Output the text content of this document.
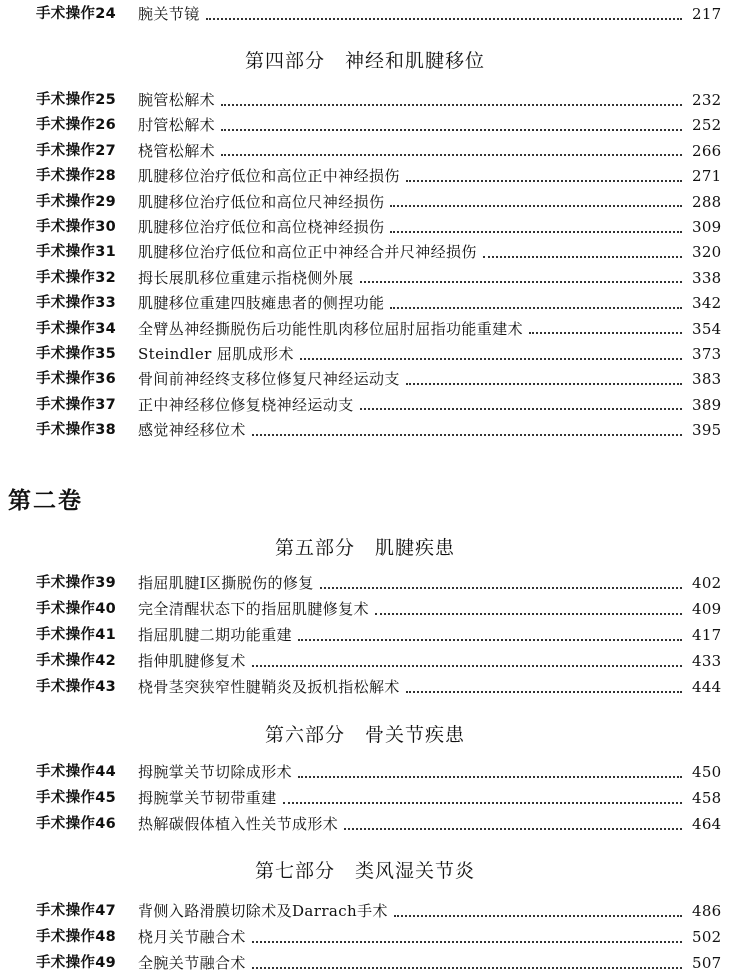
手术操作24	腕关节镜	217
第四部分　神经和肌腱移位
手术操作25	腕管松解术	232
手术操作26	肘管松解术	252
手术操作27	桡管松解术	266
手术操作28	肌腱移位治疗低位和高位正中神经损伤	271
手术操作29	肌腱移位治疗低位和高位尺神经损伤	288
手术操作30	肌腱移位治疗低位和高位桡神经损伤	309
手术操作31	肌腱移位治疗低位和高位正中神经合并尺神经损伤	320
手术操作32	拇长展肌移位重建示指桡侧外展	338
手术操作33	肌腱移位重建四肢瘫患者的侧捏功能	342
手术操作34	全臂丛神经撕脱伤后功能性肌肉移位屈肘屈指功能重建术	354
手术操作35	Steindler 屈肌成形术	373
手术操作36	骨间前神经终支移位修复尺神经运动支	383
手术操作37	正中神经移位修复桡神经运动支	389
手术操作38	感觉神经移位术	395
第二卷
第五部分　肌腱疾患
手术操作39	指屈肌腱Ⅰ区撕脱伤的修复	402
手术操作40	完全清醒状态下的指屈肌腱修复术	409
手术操作41	指屈肌腱二期功能重建	417
手术操作42	指伸肌腱修复术	433
手术操作43	桡骨茎突狭窄性腱鞘炎及扳机指松解术	444
第六部分　骨关节疾患
手术操作44	拇腕掌关节切除成形术	450
手术操作45	拇腕掌关节韧带重建	458
手术操作46	热解碳假体植入性关节成形术	464
第七部分　类风湿关节炎
手术操作47	背侧入路滑膜切除术及Darrach手术	486
手术操作48	桡月关节融合术	502
手术操作49	全腕关节融合术	507
